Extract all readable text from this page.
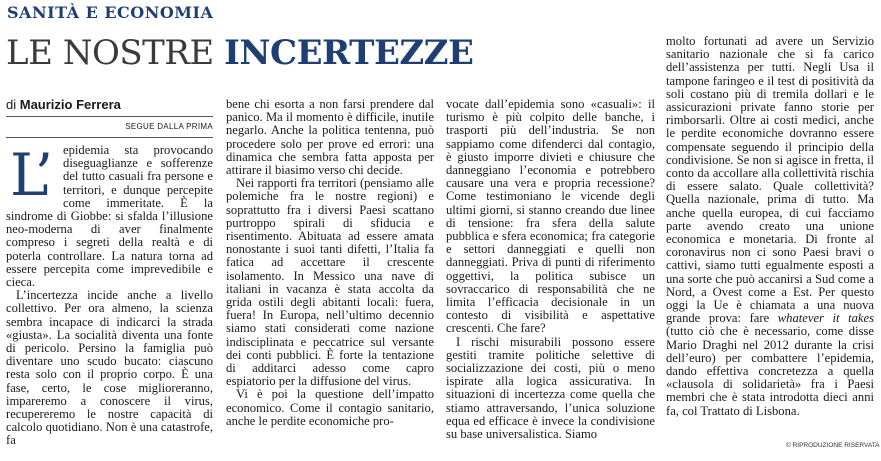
SANITÀ E ECONOMIA
LE NOSTRE INCERTEZZE
di Maurizio Ferrera
SEGUE DALLA PRIMA

L’ epidemia sta provocando diseguaglianze e sofferenze del tutto casuali fra persone e territori, e dunque percepite come immeritate. È la sindrome di Giobbe: si sfalda l’illusione neo-moderna di aver finalmente compreso i segreti della realtà e di poterla controllare. La natura torna ad essere percepita come imprevedibile e cieca.

L’incertezza incide anche a livello collettivo. Per ora almeno, la scienza sembra incapace di indicarci la strada «giusta». La socialità diventa una fonte di pericolo. Persino la famiglia può diventare uno scudo bucato: ciascuno resta solo con il proprio corpo. È una fase, certo, le cose miglioreranno, impareremo a conoscere il virus, recupereremo le nostre capacità di calcolo quotidiano. Non è una catastrofe, fa

bene chi esorta a non farsi prendere dal panico. Ma il momento è difficile, inutile negarlo. Anche la politica tentenna, può procedere solo per prove ed errori: una dinamica che sembra fatta apposta per attirare il biasimo verso chi decide.

Nei rapporti fra territori (pensiamo alle polemiche fra le nostre regioni) e soprattutto fra i diversi Paesi scattano purtroppo spirali di sfiducia e risentimento. Abituata ad essere amata nonostante i suoi tanti difetti, l’Italia fa fatica ad accettare il crescente isolamento. In Messico una nave di italiani in vacanza è stata accolta da grida ostili degli abitanti locali: fuera, fuera! In Europa, nell’ultimo decennio siamo stati considerati come nazione indisciplinata e peccatrice sul versante dei conti pubblici. È forte la tentazione di additarci adesso come capro espiatorio per la diffusione del virus.

Vi è poi la questione dell’impatto economico. Come il contagio sanitario, anche le perdite economiche pro-

vocate dall’epidemia sono «casuali»: il turismo è più colpito delle banche, i trasporti più dell’industria. Se non sappiamo come difenderci dal contagio, è giusto imporre divieti e chiusure che danneggiano l’economia e potrebbero causare una vera e propria recessione? Come testimoniano le vicende degli ultimi giorni, si stanno creando due linee di tensione: fra sfera della salute pubblica e sfera economica; fra categorie e settori danneggiati e quelli non danneggiati. Priva di punti di riferimento oggettivi, la politica subisce un sovraccarico di responsabilità che ne limita l’efficacia decisionale in un contesto di visibilità e aspettative crescenti. Che fare?

I rischi misurabili possono essere gestiti tramite politiche selettive di socializzazione dei costi, più o meno ispirate alla logica assicurativa. In situazioni di incertezza come quella che stiamo attraversando, l’unica soluzione equa ed efficace è invece la condivisione su base universalistica. Siamo

molto fortunati ad avere un Servizio sanitario nazionale che si fa carico dell’assistenza per tutti. Negli Usa il tampone faringeo e il test di positività da soli costano più di tremila dollari e le assicurazioni private fanno storie per rimborsarli. Oltre ai costi medici, anche le perdite economiche dovranno essere compensate seguendo il principio della condivisione. Se non si agisce in fretta, il conto da accollare alla collettività rischia di essere salato. Quale collettività? Quella nazionale, prima di tutto. Ma anche quella europea, di cui facciamo parte avendo creato una unione economica e monetaria. Di fronte al coronavirus non ci sono Paesi bravi o cattivi, siamo tutti egualmente esposti a una sorte che può accanirsi a Sud come a Nord, a Ovest come a Est. Per questo oggi la Ue è chiamata a una nuova grande prova: fare whatever it takes (tutto ciò che è necessario, come disse Mario Draghi nel 2012 durante la crisi dell’euro) per combattere l’epidemia, dando effettiva concretezza a quella «clausola di solidarietà» fra i Paesi membri che è stata introdotta dieci anni fa, col Trattato di Lisbona.

© RIPRODUZIONE RISERVATA
